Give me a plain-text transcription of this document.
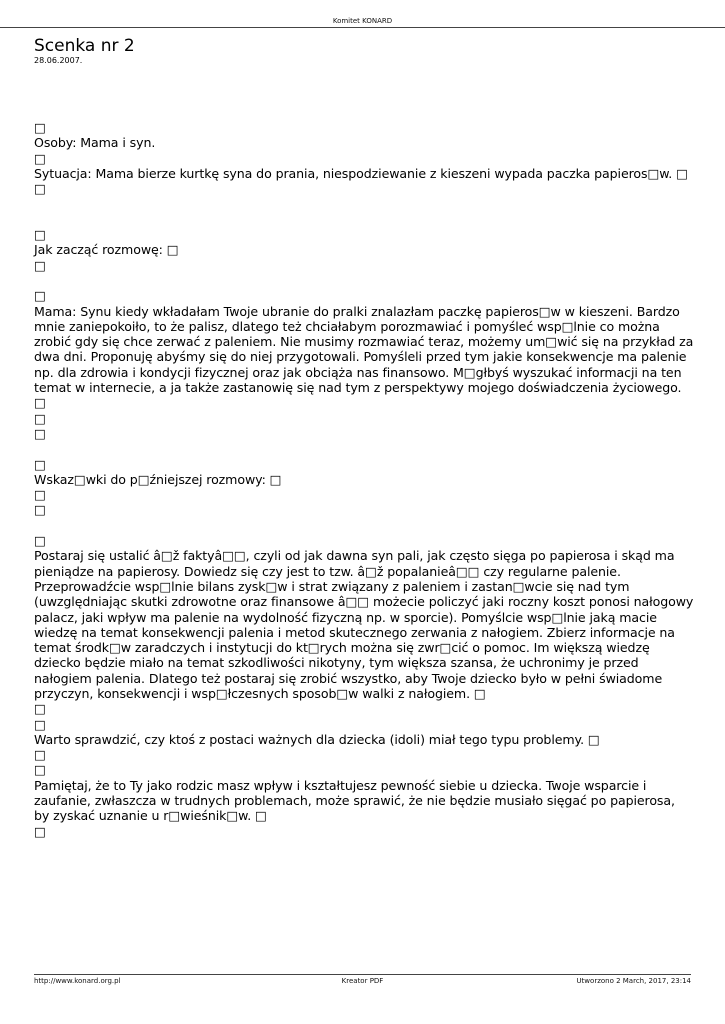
Komitet KONARD
Scenka nr 2
28.06.2007.
□
Osoby: Mama i syn.
□
Sytuacja: Mama bierze kurtkę syna do prania, niespodziewanie z kieszeni wypada paczka papieros□w. □
□
□
Jak zacząć rozmowę: □
□
□
Mama: Synu kiedy wkładałam Twoje ubranie do pralki znalazłam paczkę papieros□w w kieszeni. Bardzo mnie zaniepokoiło, to że palisz, dlatego też chciałabym porozmawiać i pomyśleć wsp□lnie co można zrobić gdy się chce zerwać z paleniem. Nie musimy rozmawiać teraz, możemy um□wić się na przykład za dwa dni. Proponuję abyśmy się do niej przygotowali. Pomyśleli przed tym jakie konsekwencje ma palenie np. dla zdrowia i kondycji fizycznej oraz jak obciąża nas finansowo. M□głbyś wyszukać informacji na ten temat w internecie, a ja także zastanowię się nad tym z perspektywy mojego doświadczenia życiowego. □
□
□
□
Wskaz□wki do p□źniejszej rozmowy: □
□
□
□
Postaraj się ustalić â□ž faktyâ□□, czyli od jak dawna syn pali, jak często sięga po papierosa i skąd ma pieniądze na papierosy. Dowiedz się czy jest to tzw. â□ž popalanieâ□□ czy regularne palenie. Przeprowadźcie wsp□lnie bilans zysk□w i strat związany z paleniem i zastan□wcie się nad tym (uwzględniając skutki zdrowotne oraz finansowe â□□ możecie policzyć jaki roczny koszt ponosi nałogowy palacz, jaki wpływ ma palenie na wydolność fizyczną np. w sporcie). Pomyślcie wsp□lnie jaką macie wiedzę na temat konsekwencji palenia i metod skutecznego zerwania z nałogiem. Zbierz informacje na temat środk□w zaradczych i instytucji do kt□rych można się zwr□cić o pomoc. Im większą wiedzę dziecko będzie miało na temat szkodliwości nikotyny, tym większa szansa, że uchronimy je przed nałogiem palenia. Dlatego też postaraj się zrobić wszystko, aby Twoje dziecko było w pełni świadome przyczyn, konsekwencji i wsp□łczesnych sposob□w walki z nałogiem. □
□
□
Warto sprawdzić, czy ktoś z postaci ważnych dla dziecka (idoli) miał tego typu problemy. □
□
□
Pamiętaj, że to Ty jako rodzic masz wpływ i kształtujesz pewność siebie u dziecka. Twoje wsparcie i zaufanie, zwłaszcza w trudnych problemach, może sprawić, że nie będzie musiało sięgać po papierosa, by zyskać uznanie u r□wieśnik□w. □
□
http://www.konard.org.pl	Kreator PDF	Utworzono 2 March, 2017, 23:14
